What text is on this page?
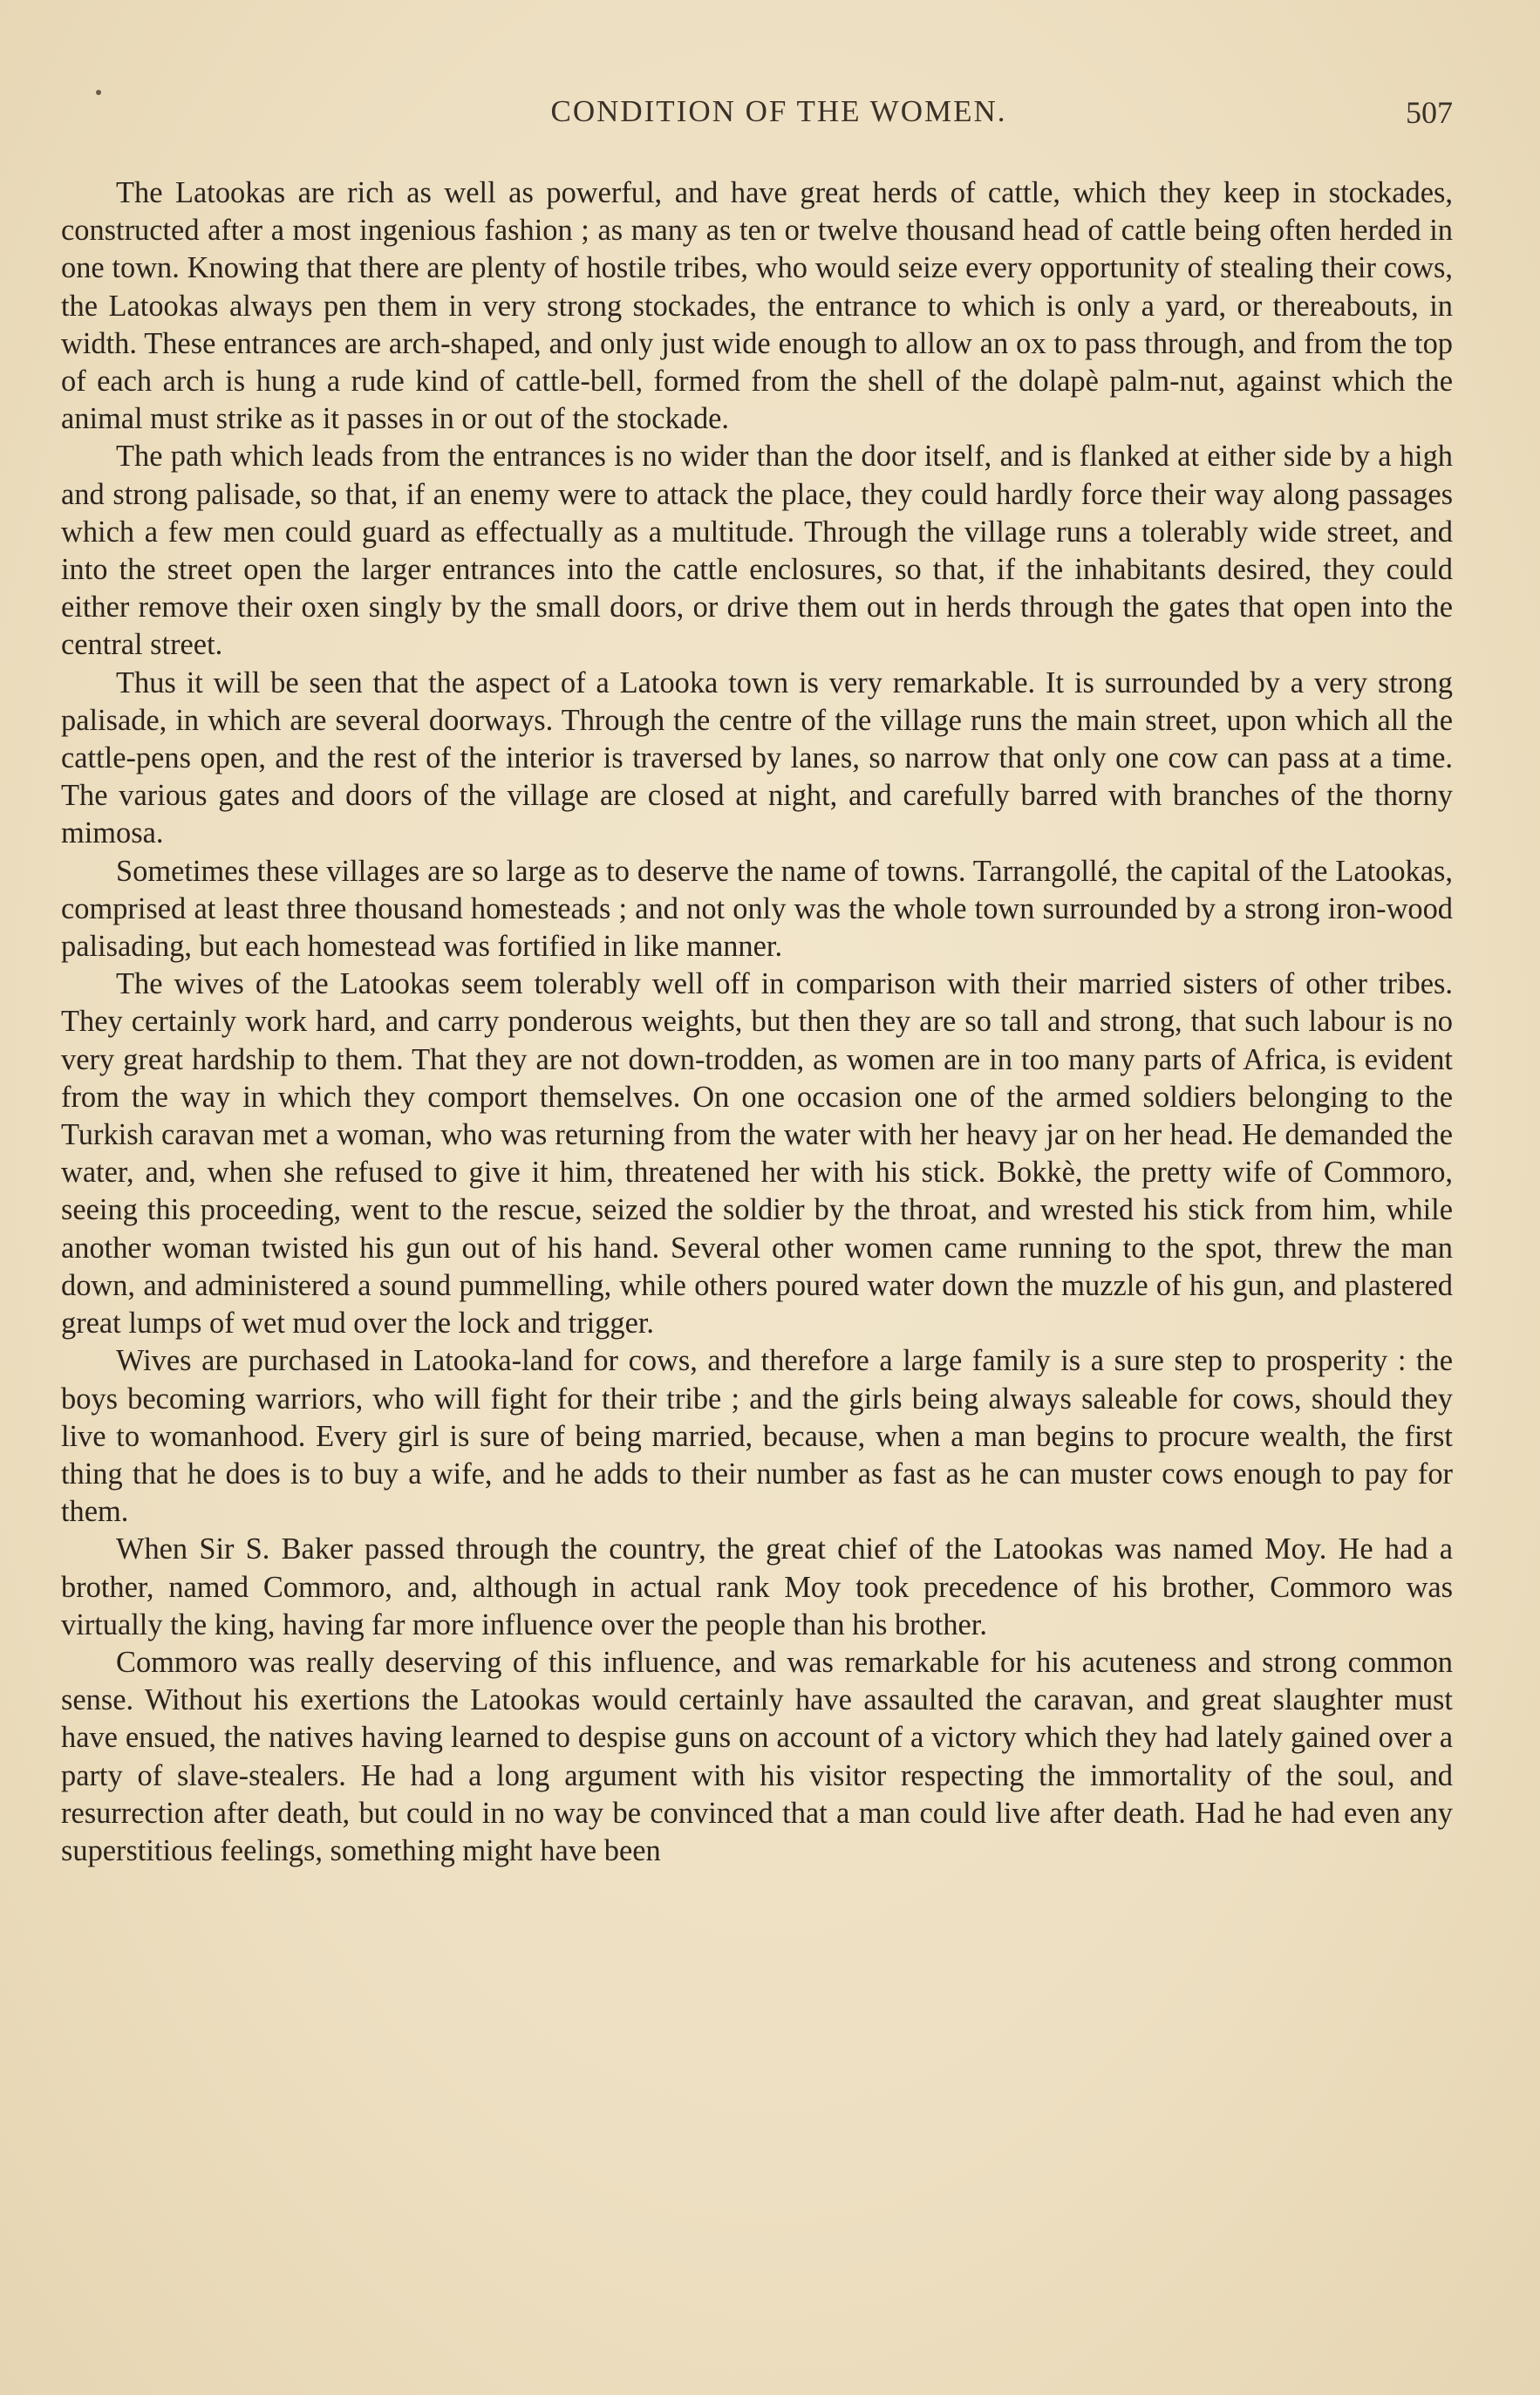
CONDITION OF THE WOMEN.	507

The Latookas are rich as well as powerful, and have great herds of cattle, which they keep in stockades, constructed after a most ingenious fashion ; as many as ten or twelve thousand head of cattle being often herded in one town. Knowing that there are plenty of hostile tribes, who would seize every opportunity of stealing their cows, the Latookas always pen them in very strong stockades, the entrance to which is only a yard, or thereabouts, in width. These entrances are arch-shaped, and only just wide enough to allow an ox to pass through, and from the top of each arch is hung a rude kind of cattle-bell, formed from the shell of the dolapè palm-nut, against which the animal must strike as it passes in or out of the stockade.

The path which leads from the entrances is no wider than the door itself, and is flanked at either side by a high and strong palisade, so that, if an enemy were to attack the place, they could hardly force their way along passages which a few men could guard as effectually as a multitude. Through the village runs a tolerably wide street, and into the street open the larger entrances into the cattle enclosures, so that, if the inhabitants desired, they could either remove their oxen singly by the small doors, or drive them out in herds through the gates that open into the central street.

Thus it will be seen that the aspect of a Latooka town is very remarkable. It is surrounded by a very strong palisade, in which are several doorways. Through the centre of the village runs the main street, upon which all the cattle-pens open, and the rest of the interior is traversed by lanes, so narrow that only one cow can pass at a time. The various gates and doors of the village are closed at night, and carefully barred with branches of the thorny mimosa.

Sometimes these villages are so large as to deserve the name of towns. Tarrangollé, the capital of the Latookas, comprised at least three thousand homesteads ; and not only was the whole town surrounded by a strong iron-wood palisading, but each homestead was fortified in like manner.

The wives of the Latookas seem tolerably well off in comparison with their married sisters of other tribes. They certainly work hard, and carry ponderous weights, but then they are so tall and strong, that such labour is no very great hardship to them. That they are not down-trodden, as women are in too many parts of Africa, is evident from the way in which they comport themselves. On one occasion one of the armed soldiers belonging to the Turkish caravan met a woman, who was returning from the water with her heavy jar on her head. He demanded the water, and, when she refused to give it him, threatened her with his stick. Bokkè, the pretty wife of Commoro, seeing this proceeding, went to the rescue, seized the soldier by the throat, and wrested his stick from him, while another woman twisted his gun out of his hand. Several other women came running to the spot, threw the man down, and administered a sound pummelling, while others poured water down the muzzle of his gun, and plastered great lumps of wet mud over the lock and trigger.

Wives are purchased in Latooka-land for cows, and therefore a large family is a sure step to prosperity : the boys becoming warriors, who will fight for their tribe ; and the girls being always saleable for cows, should they live to womanhood. Every girl is sure of being married, because, when a man begins to procure wealth, the first thing that he does is to buy a wife, and he adds to their number as fast as he can muster cows enough to pay for them.

When Sir S. Baker passed through the country, the great chief of the Latookas was named Moy. He had a brother, named Commoro, and, although in actual rank Moy took precedence of his brother, Commoro was virtually the king, having far more influence over the people than his brother.

Commoro was really deserving of this influence, and was remarkable for his acuteness and strong common sense. Without his exertions the Latookas would certainly have assaulted the caravan, and great slaughter must have ensued, the natives having learned to despise guns on account of a victory which they had lately gained over a party of slave-stealers. He had a long argument with his visitor respecting the immortality of the soul, and resurrection after death, but could in no way be convinced that a man could live after death. Had he had even any superstitious feelings, something might have been
